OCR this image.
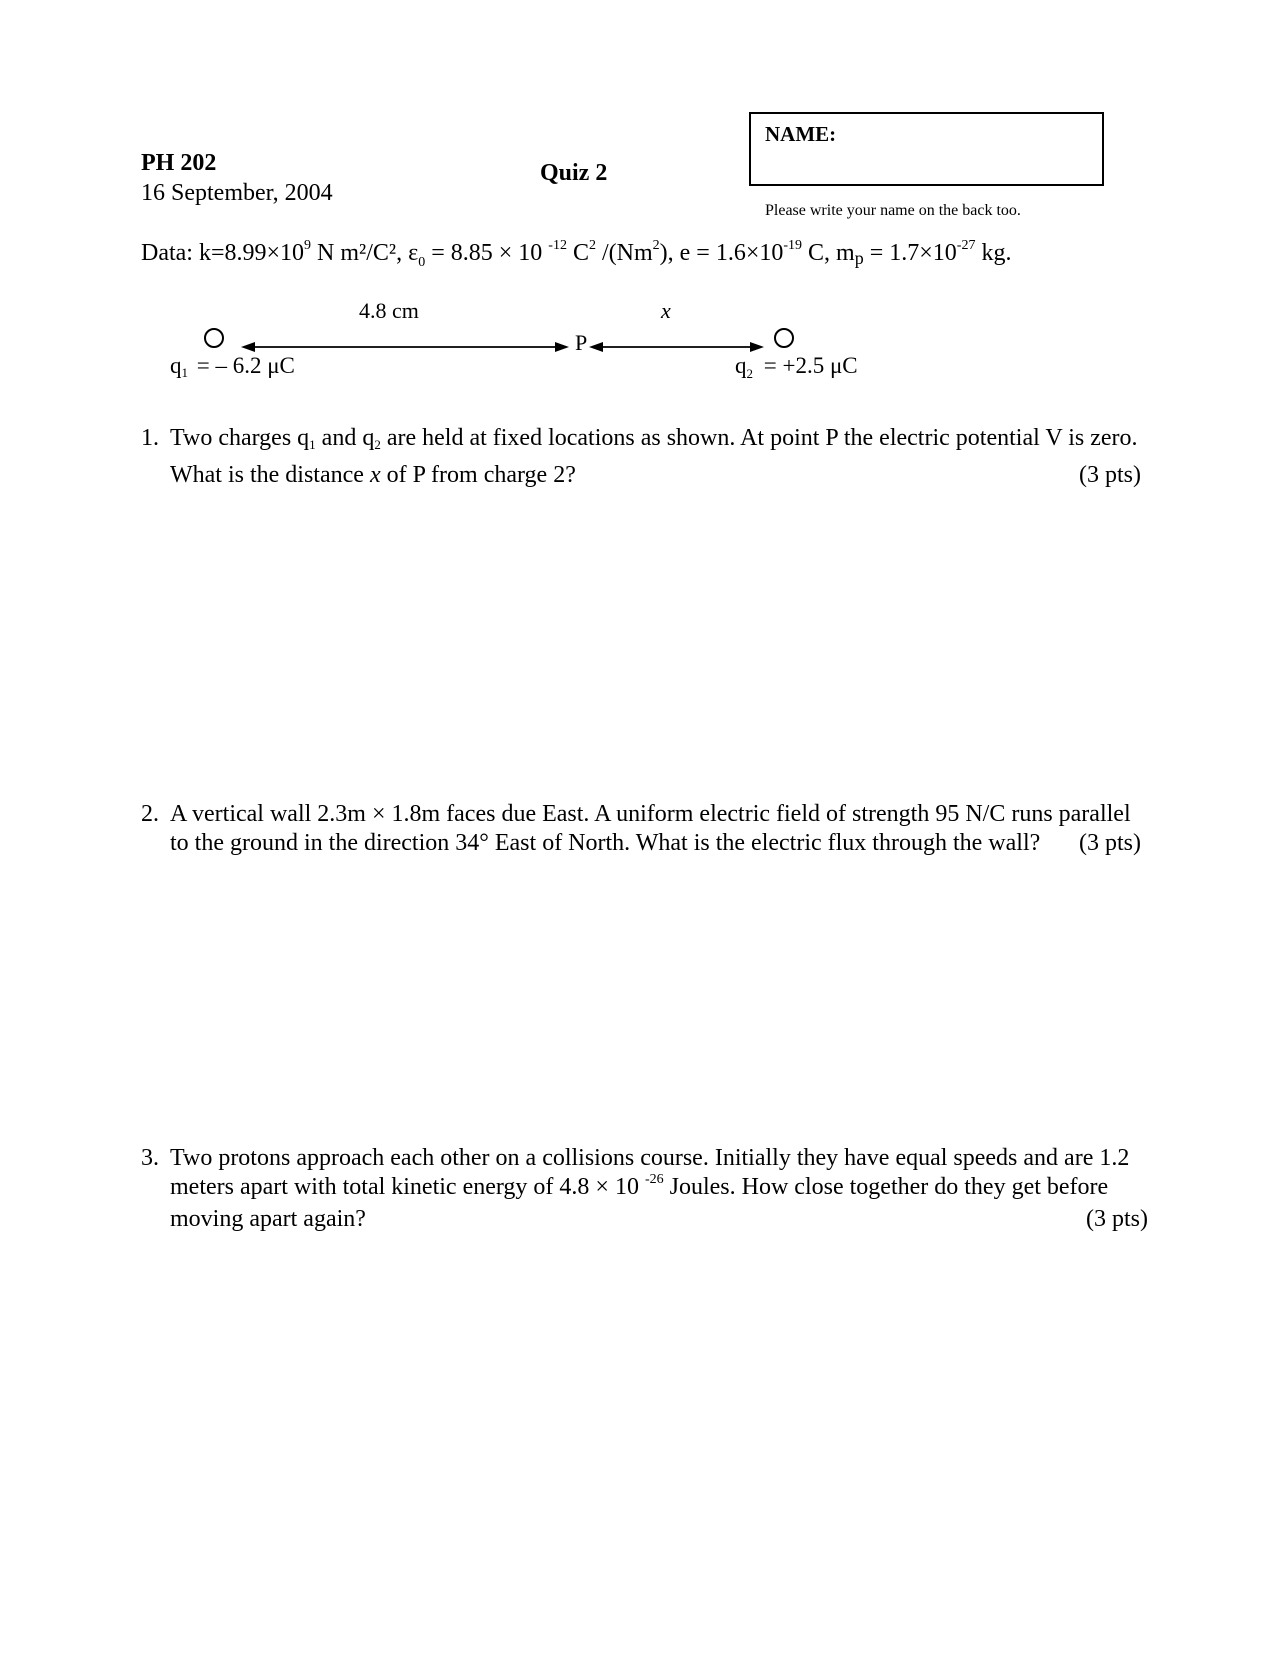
PH 202
16 September, 2004
Quiz 2
NAME:
Please write your name on the back too.
Data: $k=8.99\times 10^9$ N m²/C², $\varepsilon_0 = 8.85 \times 10$ $^{-12}$ $C^2$ /(Nm$^2$), $e = 1.6\times 10^{-19}$ C, mp = $1.7\times 10^{-27}$ kg.
4.8 cm	x
P
q1 = – 6.2 μC	$q_2 = +2.5$ μC
1. Two charges $q_1$ and $q_2$ are held at fixed locations as shown. At point P the electric potential V is zero. What is the distance x of P from charge 2?	(3 pts)
2. A vertical wall 2.3m × 1.8m faces due East. A uniform electric field of strength 95 N/C runs parallel to the ground in the direction 34° East of North. What is the electric flux through the wall? (3 pts)
3. Two protons approach each other on a collisions course. Initially they have equal speeds and are 1.2 meters apart with total kinetic energy of 4.8 × 10 $^{-26}$ Joules. How close together do they get before moving apart again?	(3 pts)
